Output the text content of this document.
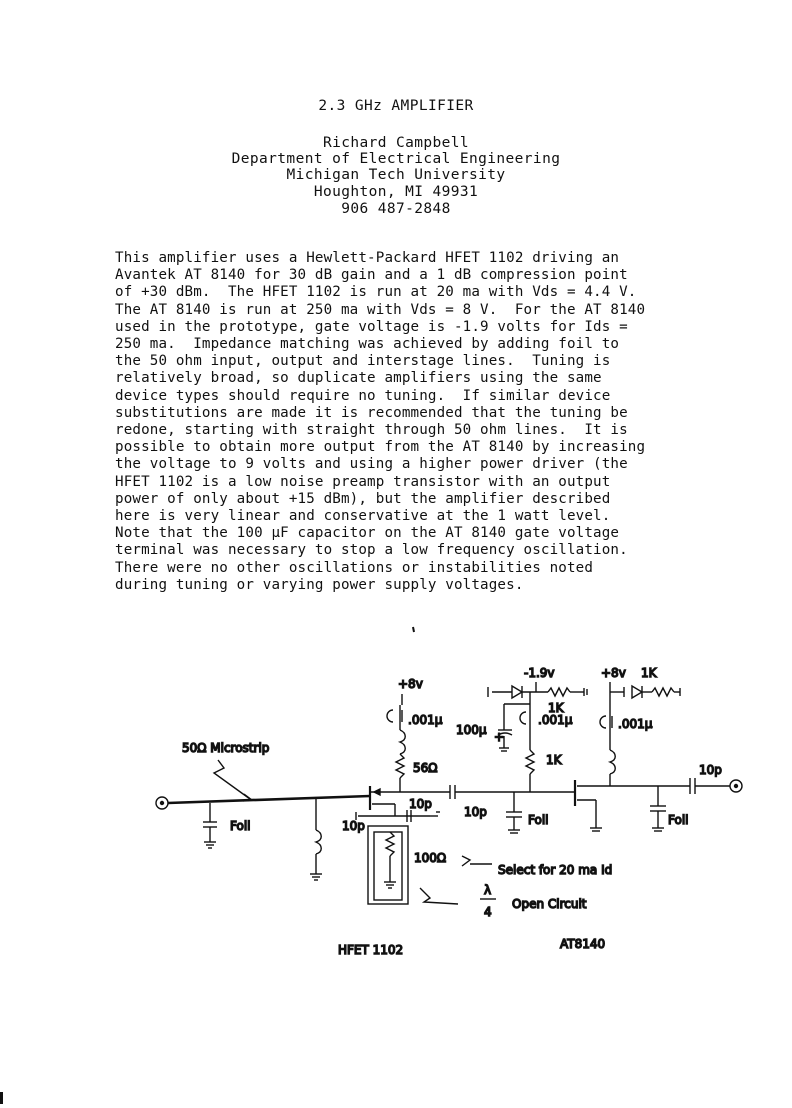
2.3 GHz AMPLIFIER
Richard Campbell
Department of Electrical Engineering
Michigan Tech University
Houghton, MI 49931
906 487-2848
This amplifier uses a Hewlett-Packard HFET 1102 driving an
Avantek AT 8140 for 30 dB gain and a 1 dB compression point
of +30 dBm.  The HFET 1102 is run at 20 ma with Vds = 4.4 V.
The AT 8140 is run at 250 ma with Vds = 8 V.  For the AT 8140
used in the prototype, gate voltage is -1.9 volts for Ids =
250 ma.  Impedance matching was achieved by adding foil to
the 50 ohm input, output and interstage lines.  Tuning is
relatively broad, so duplicate amplifiers using the same
device types should require no tuning.  If similar device
substitutions are made it is recommended that the tuning be
redone, starting with straight through 50 ohm lines.  It is
possible to obtain more output from the AT 8140 by increasing
the voltage to 9 volts and using a higher power driver (the
HFET 1102 is a low noise preamp transistor with an output
power of only about +15 dBm), but the amplifier described
here is very linear and conservative at the 1 watt level.
Note that the 100 µF capacitor on the AT 8140 gate voltage
terminal was necessary to stop a low frequency oscillation.
There were no other oscillations or instabilities noted
during tuning or varying power supply voltages.
50Ω Microstrip
Foil
+8v
.001µ
56Ω
10p
10p
100Ω
Select for 20 ma Id
λ
4
Open Circuit
10p
Foil
-1.9v
1K
+
100µ
.001µ
1K
+8v 1K
.001µ
Foil
10p
HFET 1102	AT8140
